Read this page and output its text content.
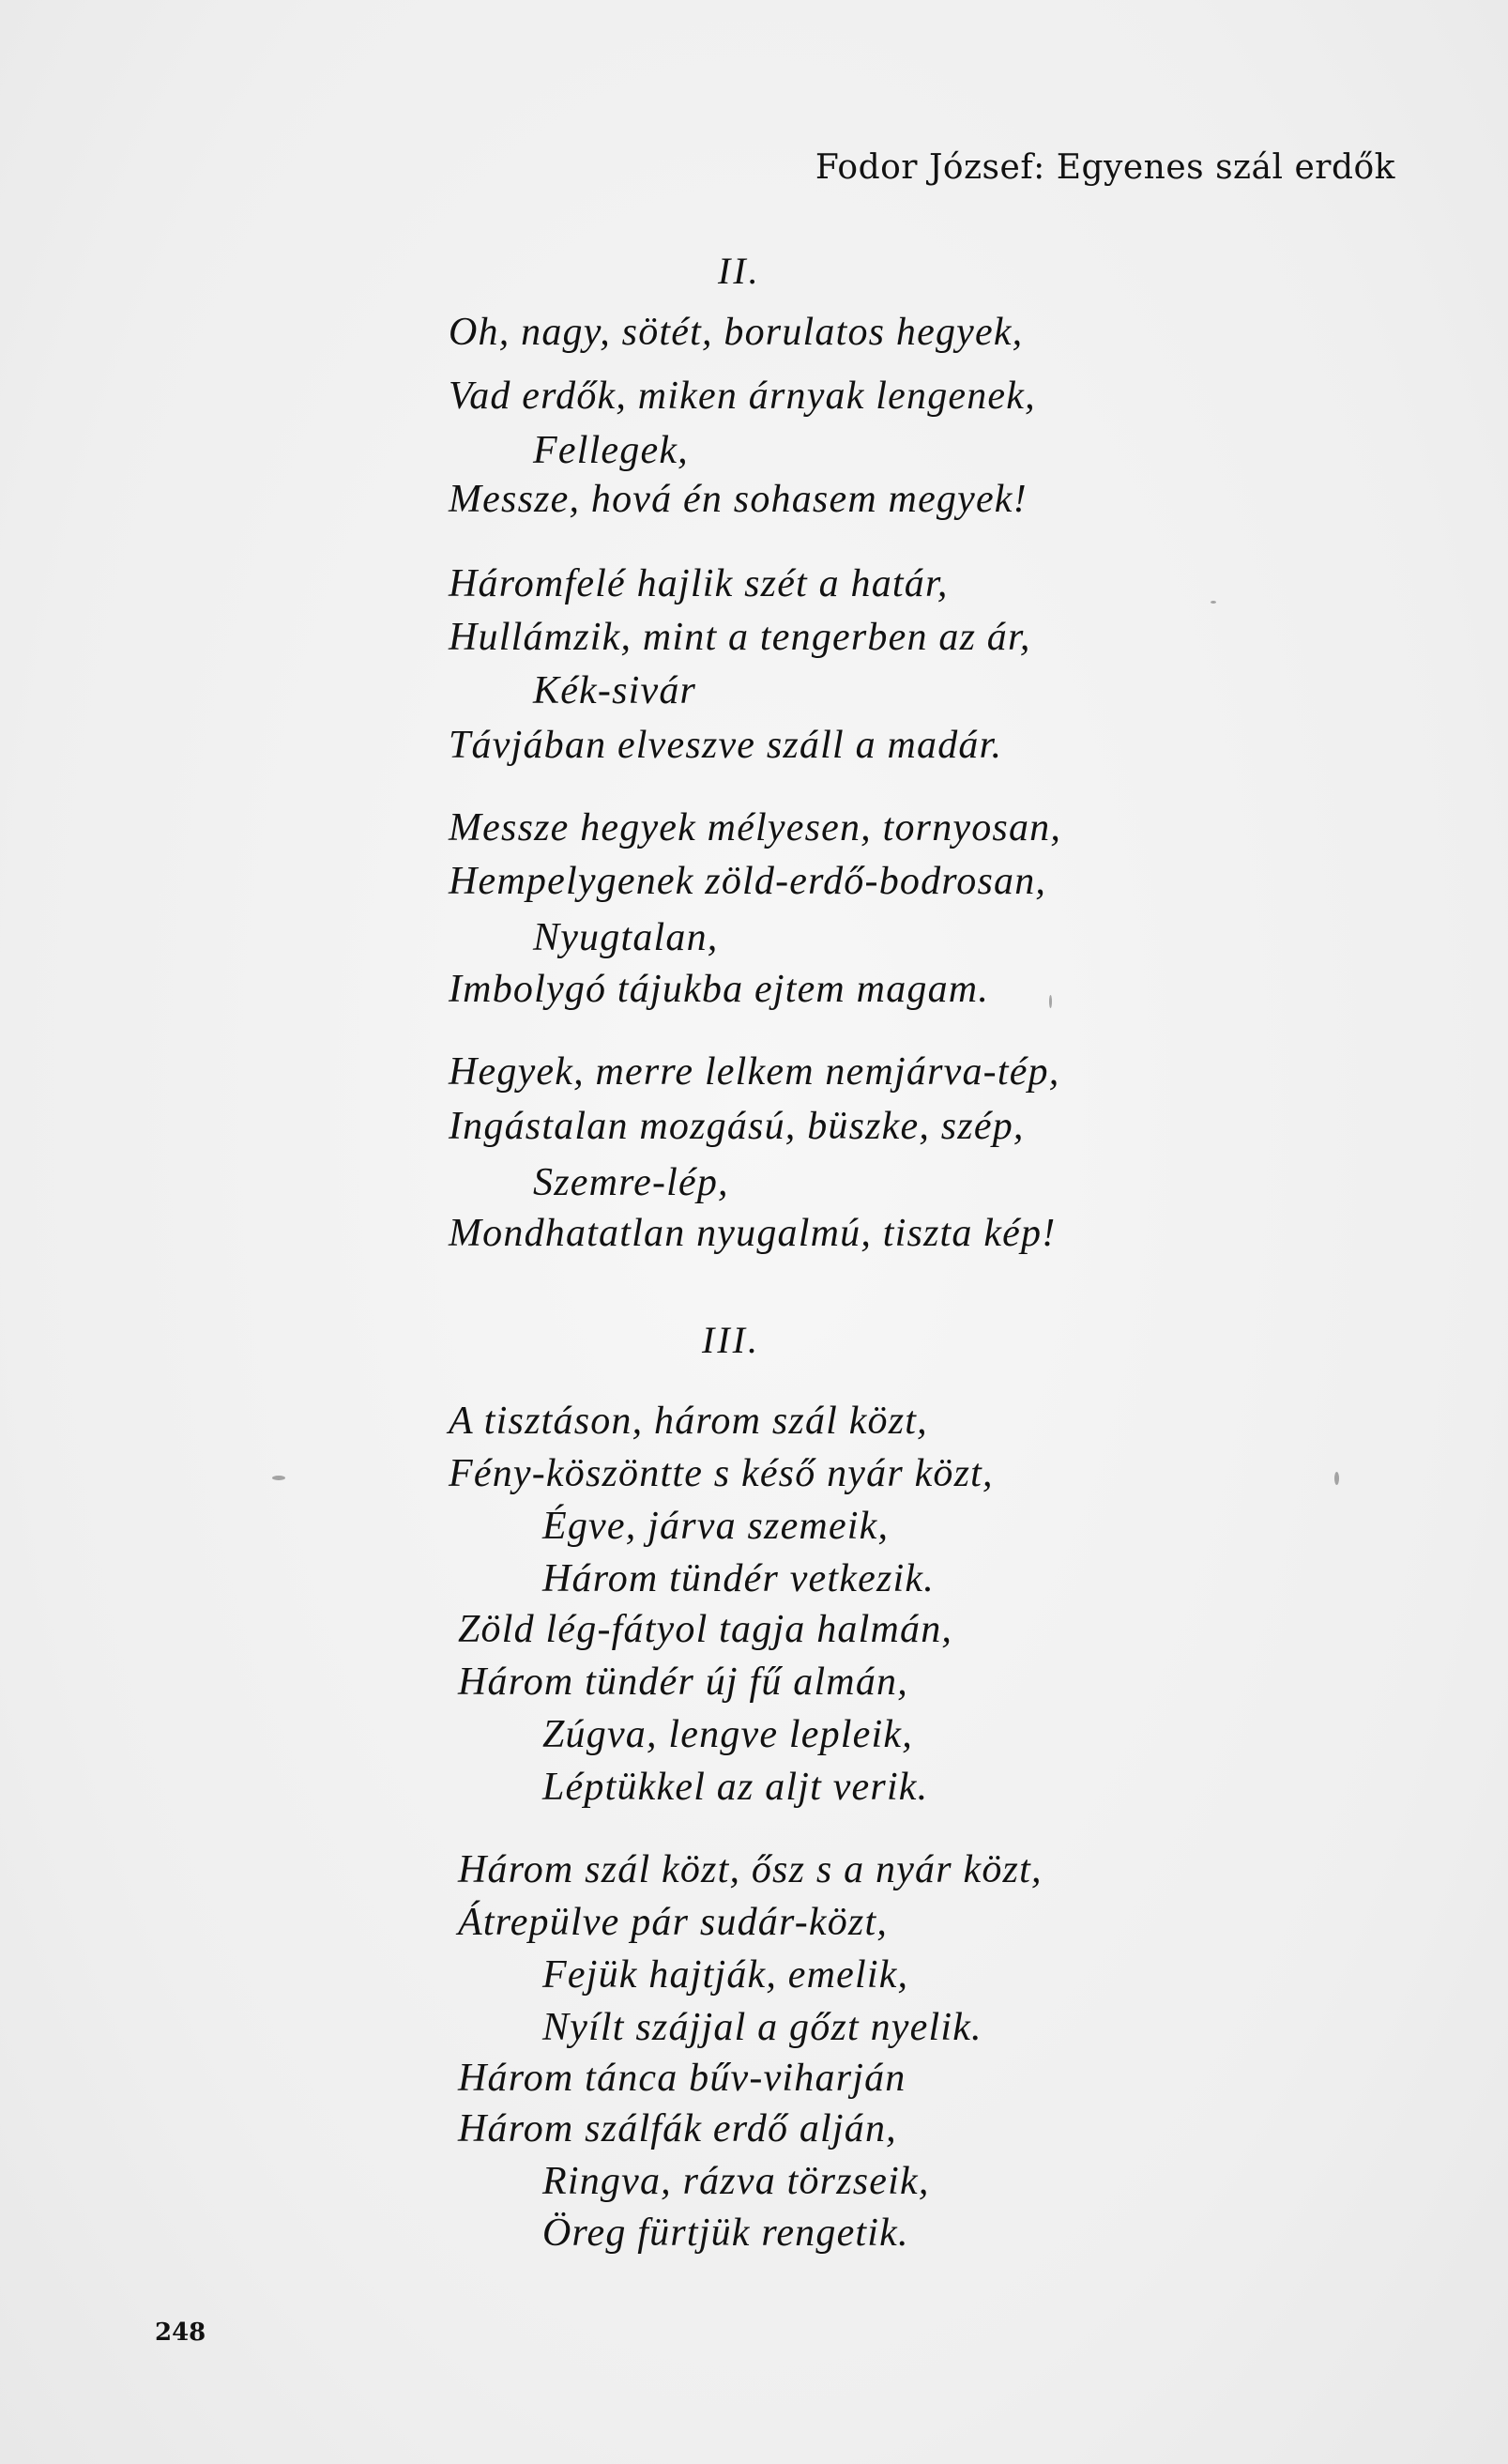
Fodor József: Egyenes szál erdők
II.
Oh, nagy, sötét, borulatos hegyek,
Vad erdők, miken árnyak lengenek,
Fellegek,
Messze, hová én sohasem megyek!
Háromfelé hajlik szét a határ,
Hullámzik, mint a tengerben az ár,
Kék-sivár
Távjában elveszve száll a madár.
Messze hegyek mélyesen, tornyosan,
Hempelygenek zöld-erdő-bodrosan,
Nyugtalan,
Imbolygó tájukba ejtem magam.
Hegyek, merre lelkem nemjárva-tép,
Ingástalan mozgású, büszke, szép,
Szemre-lép,
Mondhatatlan nyugalmú, tiszta kép!
III.
A tisztáson, három szál közt,
Fény-köszöntte s késő nyár közt,
Égve, járva szemeik,
Három tündér vetkezik.
Zöld lég-fátyol tagja halmán,
Három tündér új fű almán,
Zúgva, lengve lepleik,
Léptükkel az aljt verik.
Három szál közt, ősz s a nyár közt,
Átrepülve pár sudár-közt,
Fejük hajtják, emelik,
Nyílt szájjal a gőzt nyelik.
Három tánca bűv-viharján
Három szálfák erdő alján,
Ringva, rázva törzseik,
Öreg fürtjük rengetik.
248
